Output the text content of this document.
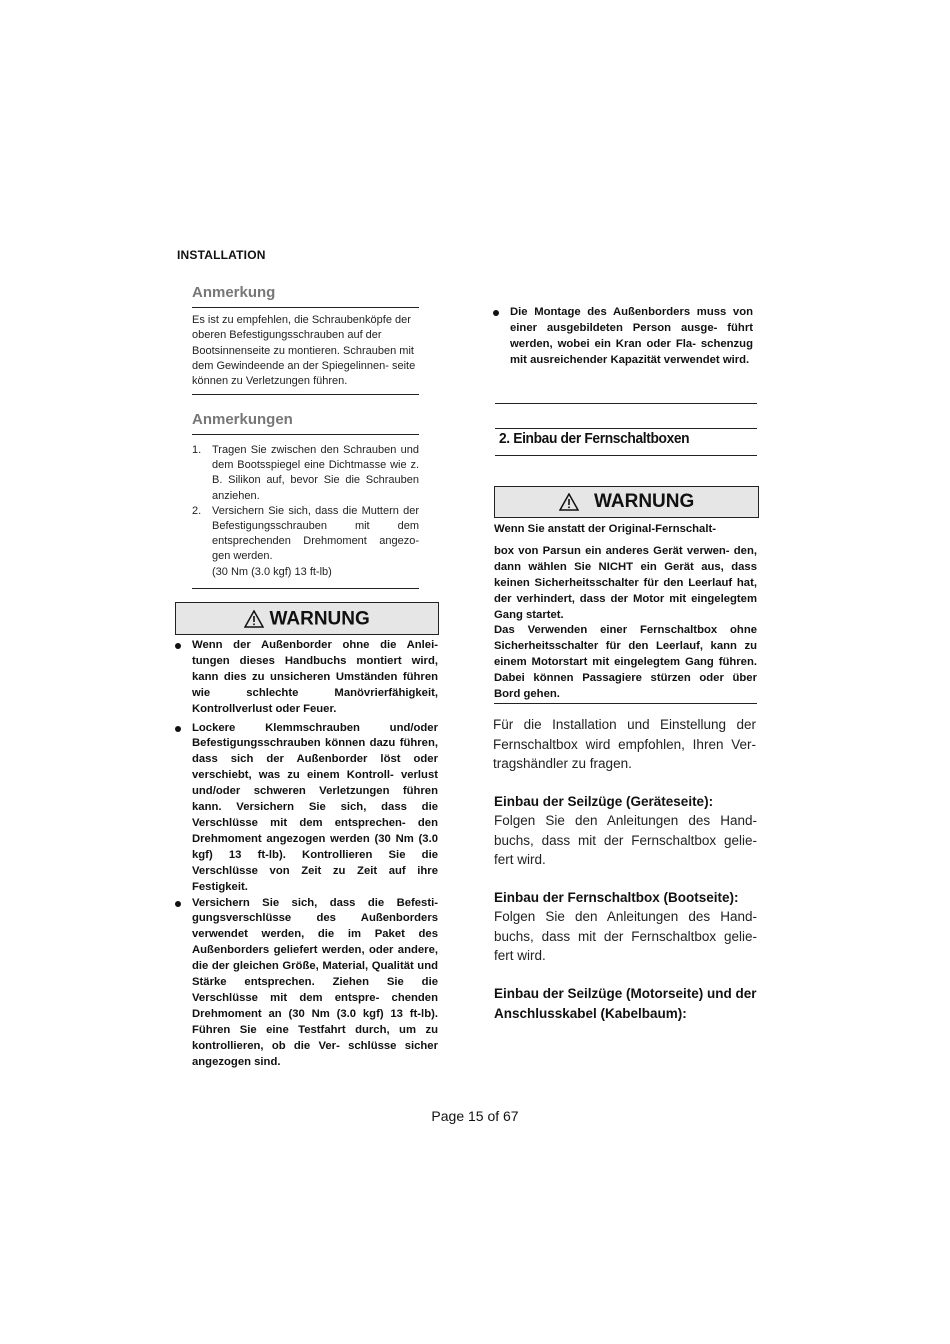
INSTALLATION
Anmerkung
Es ist zu empfehlen, die Schraubenköpfe der oberen Befestigungsschrauben auf der Bootsinnenseite zu montieren. Schrauben mit dem Gewindeende an der Spiegelinnen- seite können zu Verletzungen führen.
Anmerkungen
1. Tragen Sie zwischen den Schrauben und dem Bootsspiegel eine Dichtmasse wie z. B. Silikon auf, bevor Sie die Schrauben anziehen.
2. Versichern Sie sich, dass die Muttern der Befestigungsschrauben mit dem entsprechenden Drehmoment angezo- gen werden.
(30 Nm (3.0 kgf) 13 ft-lb)
WARNUNG
Wenn der Außenborder ohne die Anlei- tungen dieses Handbuchs montiert wird, kann dies zu unsicheren Umständen führen wie schlechte Manövrierfähigkeit, Kontrollverlust oder Feuer.
Lockere Klemmschrauben und/oder Befestigungsschrauben können dazu führen, dass sich der Außenborder löst oder verschiebt, was zu einem Kontroll- verlust und/oder schweren Verletzungen führen kann. Versichern Sie sich, dass die Verschlüsse mit dem entsprechen- den Drehmoment angezogen werden (30 Nm (3.0 kgf) 13 ft-lb). Kontrollieren Sie die Verschlüsse von Zeit zu Zeit auf ihre Festigkeit.
Versichern Sie sich, dass die Befesti- gungsverschlüsse des Außenborders verwendet werden, die im Paket des Außenborders geliefert werden, oder andere, die der gleichen Größe, Material, Qualität und Stärke entsprechen. Ziehen Sie die Verschlüsse mit dem entspre- chenden Drehmoment an (30 Nm (3.0 kgf) 13 ft-lb). Führen Sie eine Testfahrt durch, um zu kontrollieren, ob die Ver- schlüsse sicher angezogen sind.
Die Montage des Außenborders muss von einer ausgebildeten Person ausge- führt werden, wobei ein Kran oder Fla- schenzug mit ausreichender Kapazität verwendet wird.
2. Einbau der Fernschaltboxen
WARNUNG
Wenn Sie anstatt der Original-Fernschalt-
box von Parsun ein anderes Gerät verwen- den, dann wählen Sie NICHT ein Gerät aus, dass keinen Sicherheitsschalter für den Leerlauf hat, der verhindert, dass der Motor mit eingelegtem Gang startet.
Das Verwenden einer Fernschaltbox ohne Sicherheitsschalter für den Leerlauf, kann zu einem Motorstart mit eingelegtem Gang führen. Dabei können Passagiere stürzen oder über Bord gehen.
Für die Installation und Einstellung der Fernschaltbox wird empfohlen, Ihren Ver- tragshändler zu fragen.
Einbau der Seilzüge (Geräteseite):
Folgen Sie den Anleitungen des Hand- buchs, dass mit der Fernschaltbox gelie- fert wird.
Einbau der Fernschaltbox (Bootseite):
Folgen Sie den Anleitungen des Hand- buchs, dass mit der Fernschaltbox gelie- fert wird.
Einbau der Seilzüge (Motorseite) und der Anschlusskabel (Kabelbaum):
Page 15 of 67
